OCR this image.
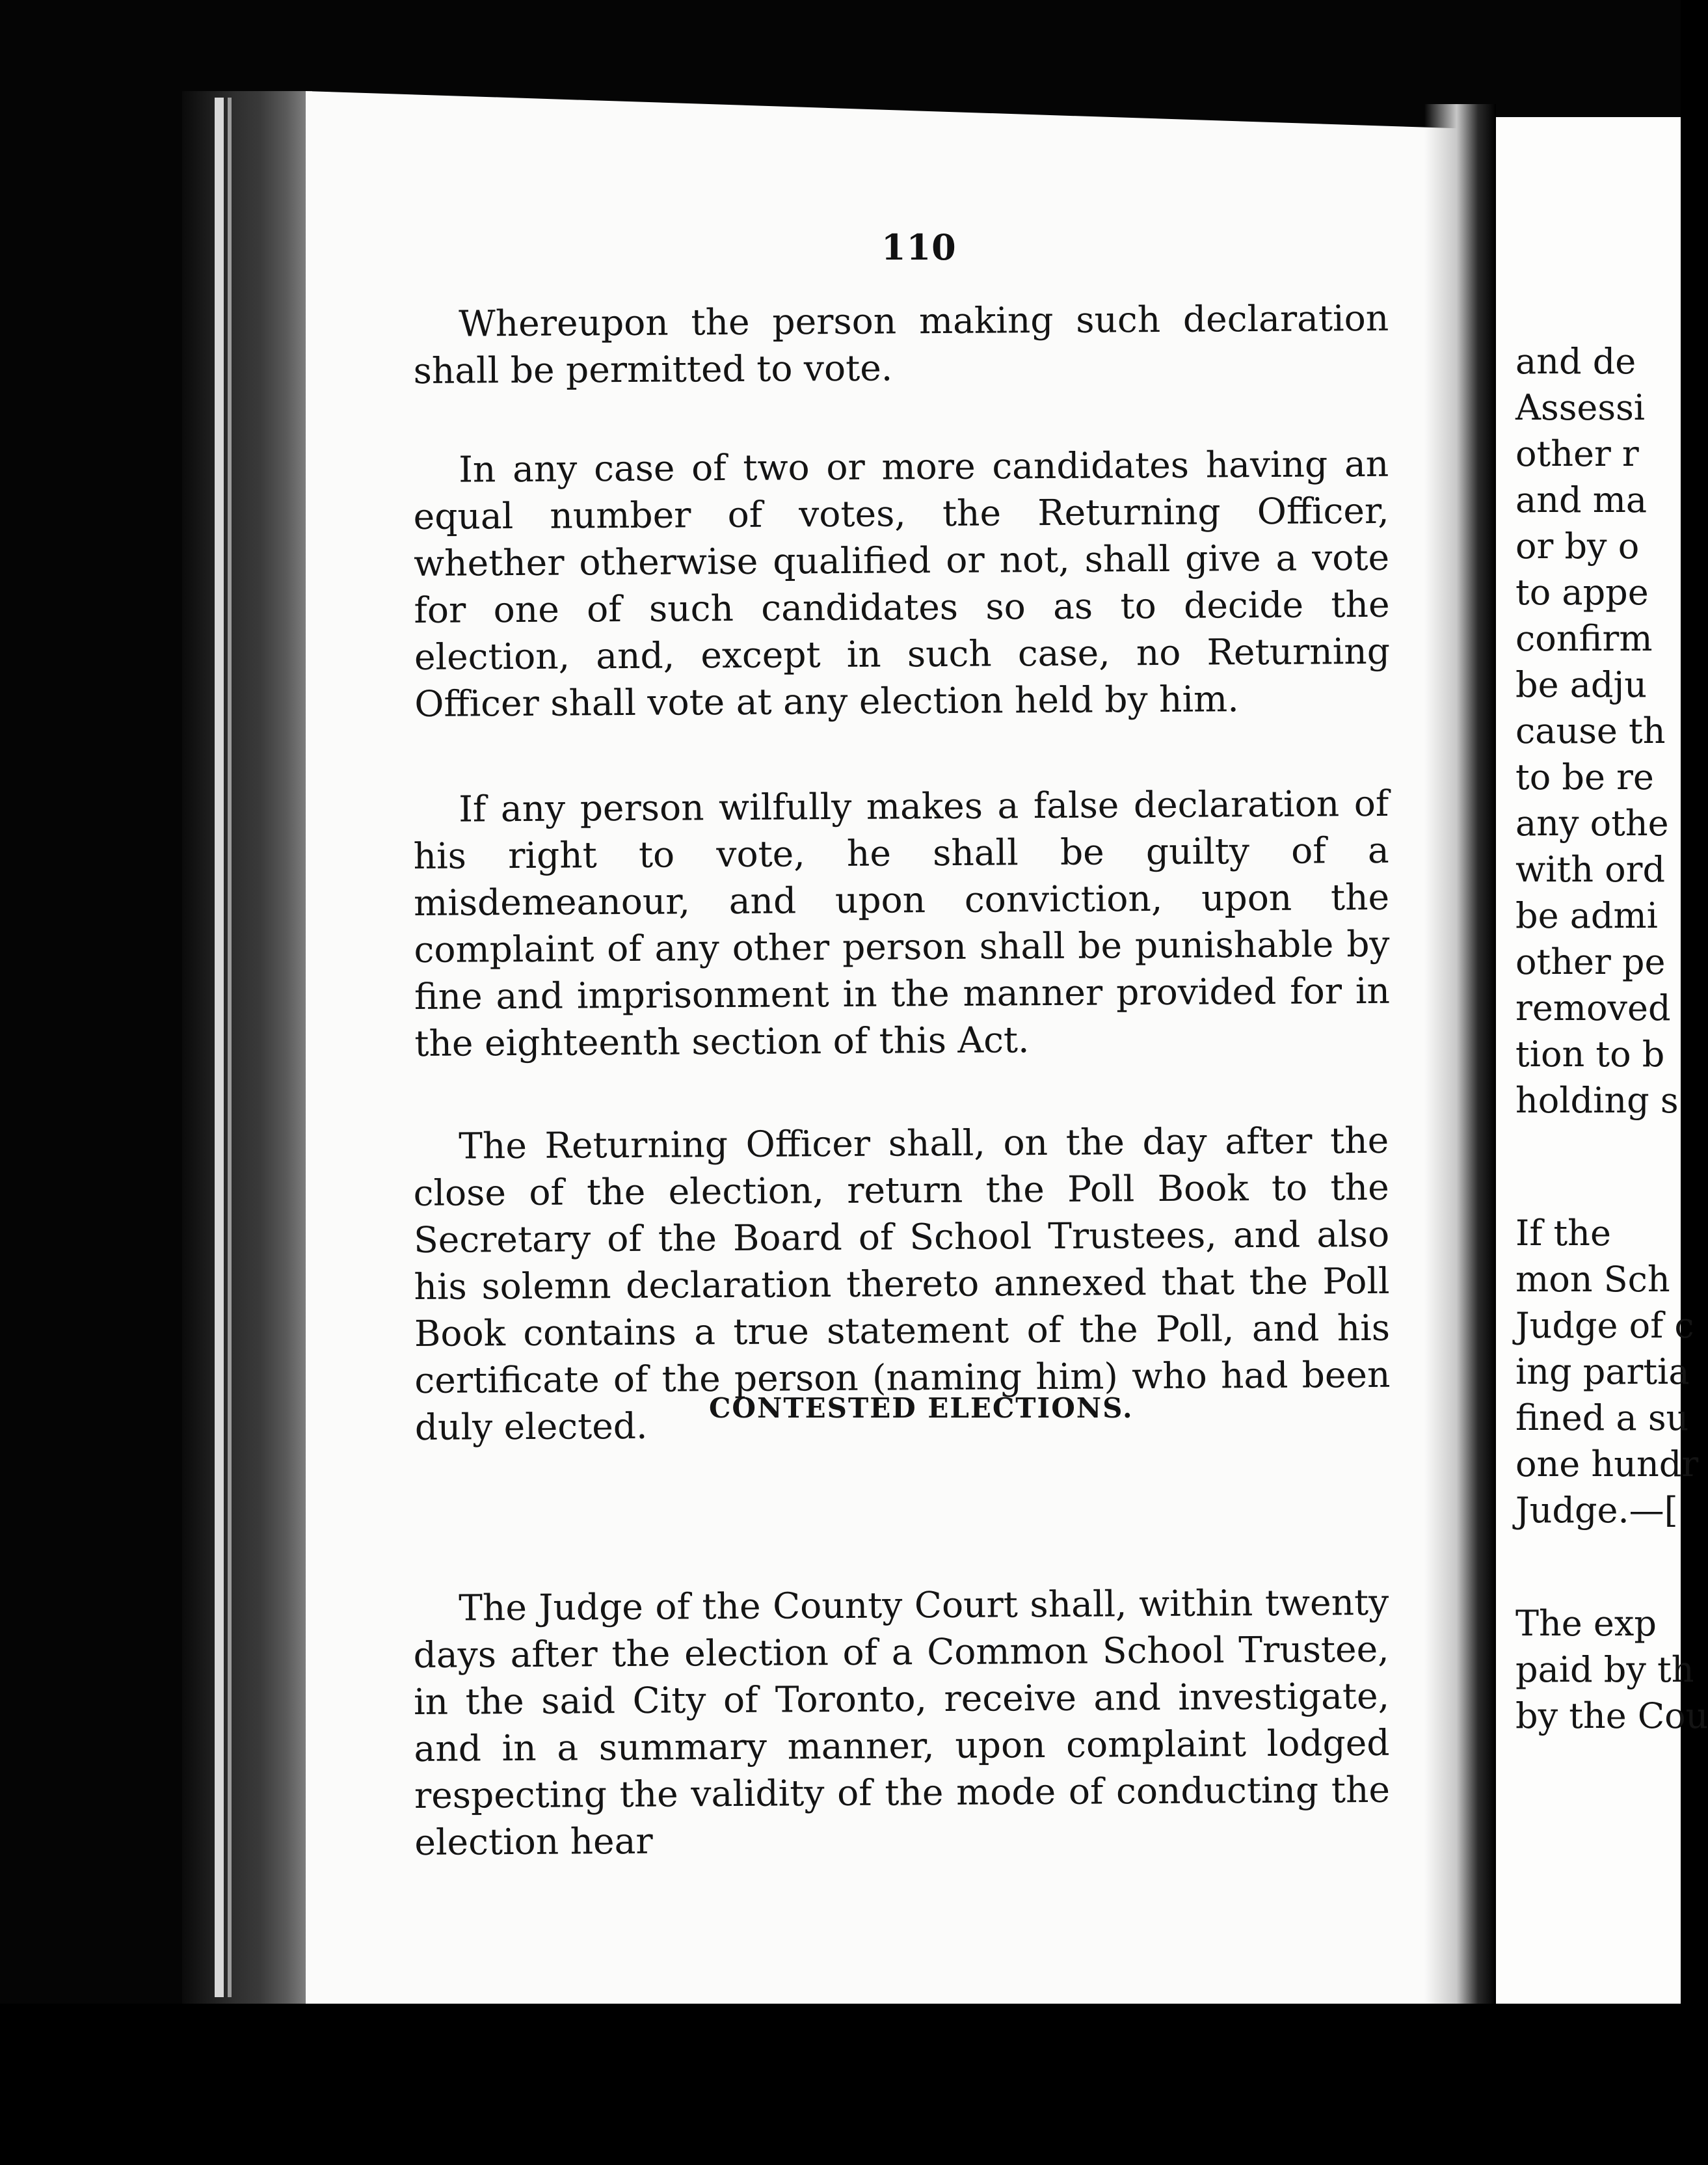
110

Whereupon the person making such declaration shall be permitted to vote.

In any case of two or more candidates having an equal number of votes, the Returning Officer, whether otherwise qualified or not, shall give a vote for one of such candidates so as to decide the election, and, except in such case, no Returning Officer shall vote at any election held by him.

If any person wilfully makes a false declaration of his right to vote, he shall be guilty of a misdemeanour, and upon conviction, upon the complaint of any other person shall be punishable by fine and imprisonment in the manner provided for in the eighteenth section of this Act.

The Returning Officer shall, on the day after the close of the election, return the Poll Book to the Secretary of the Board of School Trustees, and also his solemn declaration thereto annexed that the Poll Book contains a true statement of the Poll, and his certificate of the person (naming him) who had been duly elected.	CONTESTED ELECTIONS.

The Judge of the County Court shall, within twenty days after the election of a Common School Trustee, in the said City of Toronto, receive and investigate, and in a summary manner, upon complaint lodged respecting the validity of the mode of conducting the election hear

and de
Assessi
other r
and ma
or by o
to appe
confirm
be adju
cause th
to be re
any othe
with ord
be admi
other pe
removed
tion to b
holding s
If the
mon Sch
Judge of c
ing partia
fined a su
one hundr
Judge.—[
The exp
paid by th
by the Cou
